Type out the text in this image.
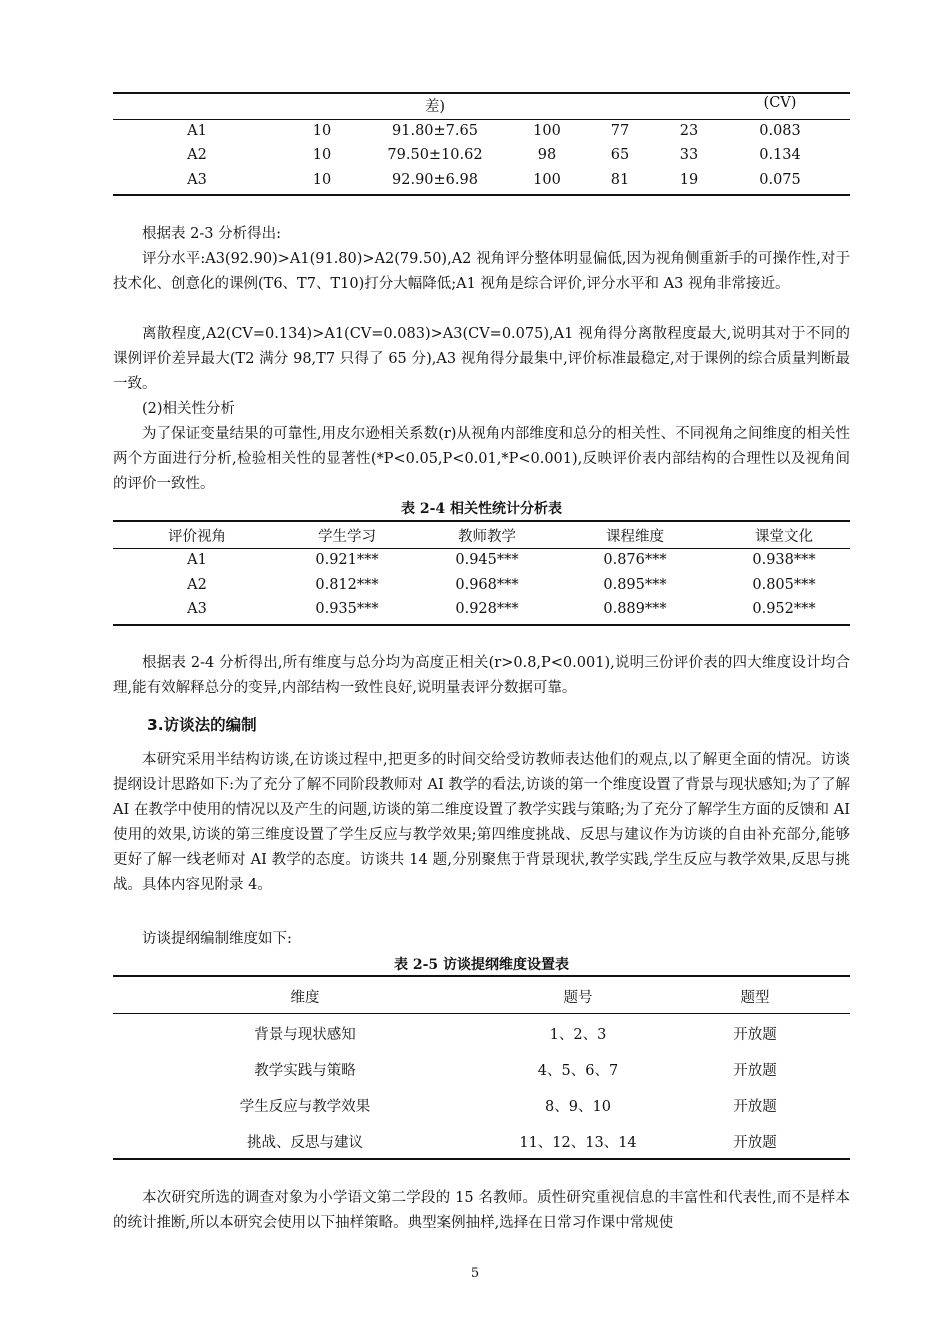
差)	(CV)
A1	10	91.80±7.65	100	77	23	0.083
A2	10	79.50±10.62	98	65	33	0.134
A3	10	92.90±6.98	100	81	19	0.075

根据表 2-3 分析得出:

评分水平:A3(92.90)>A1(91.80)>A2(79.50),A2 视角评分整体明显偏低,因为视角侧重新手的可操作性,对于技术化、创意化的课例(T6、T7、T10)打分大幅降低;A1 视角是综合评价,评分水平和 A3 视角非常接近。

离散程度,A2(CV=0.134)>A1(CV=0.083)>A3(CV=0.075),A1 视角得分离散程度最大,说明其对于不同的课例评价差异最大(T2 满分 98,T7 只得了 65 分),A3 视角得分最集中,评价标准最稳定,对于课例的综合质量判断最一致。

(2)相关性分析

为了保证变量结果的可靠性,用皮尔逊相关系数(r)从视角内部维度和总分的相关性、不同视角之间维度的相关性两个方面进行分析,检验相关性的显著性(*P<0.05,P<0.01,*P<0.001),反映评价表内部结构的合理性以及视角间的评价一致性。

表 2-4 相关性统计分析表
评价视角	学生学习	教师教学	课程维度	课堂文化
A1	0.921***	0.945***	0.876***	0.938***
A2	0.812***	0.968***	0.895***	0.805***
A3	0.935***	0.928***	0.889***	0.952***

根据表 2-4 分析得出,所有维度与总分均为高度正相关(r>0.8,P<0.001),说明三份评价表的四大维度设计均合理,能有效解释总分的变异,内部结构一致性良好,说明量表评分数据可靠。

3.访谈法的编制

本研究采用半结构访谈,在访谈过程中,把更多的时间交给受访教师表达他们的观点,以了解更全面的情况。访谈提纲设计思路如下:为了充分了解不同阶段教师对 AI 教学的看法,访谈的第一个维度设置了背景与现状感知;为了了解 AI 在教学中使用的情况以及产生的问题,访谈的第二维度设置了教学实践与策略;为了充分了解学生方面的反馈和 AI 使用的效果,访谈的第三维度设置了学生反应与教学效果;第四维度挑战、反思与建议作为访谈的自由补充部分,能够更好了解一线老师对 AI 教学的态度。访谈共 14 题,分别聚焦于背景现状,教学实践,学生反应与教学效果,反思与挑战。具体内容见附录 4。

访谈提纲编制维度如下:

表 2-5 访谈提纲维度设置表
维度	题号	题型
背景与现状感知	1、2、3	开放题
教学实践与策略	4、5、6、7	开放题
学生反应与教学效果	8、9、10	开放题
挑战、反思与建议	11、12、13、14	开放题

本次研究所选的调查对象为小学语文第二学段的 15 名教师。质性研究重视信息的丰富性和代表性,而不是样本的统计推断,所以本研究会使用以下抽样策略。典型案例抽样,选择在日常习作课中常规使

5
